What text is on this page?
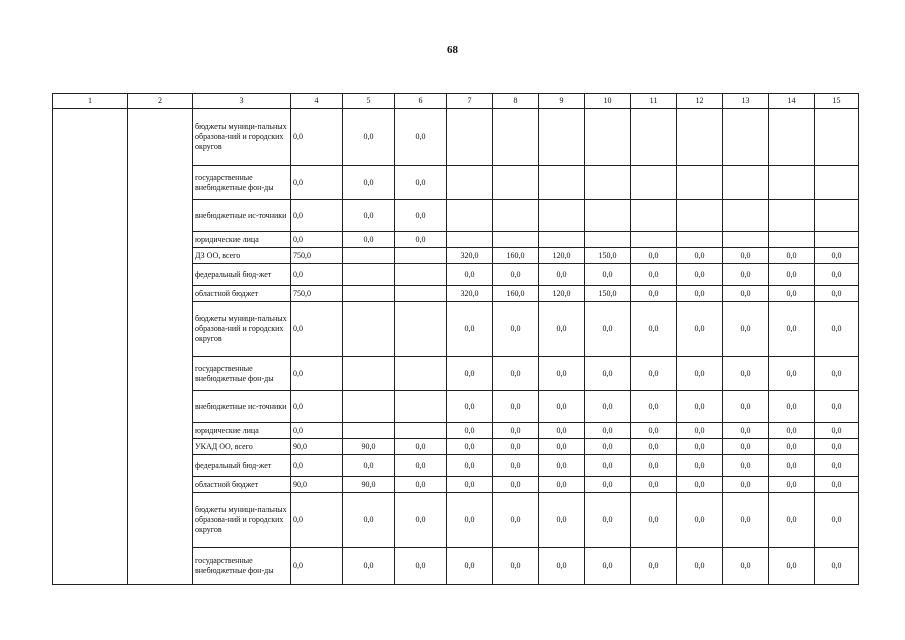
68
1	2	3	4	5	6	7	8	9	10	11	12	13	14	15
		бюджеты муници-пальных образова-ний и городских округов	0,0	0,0	0,0									
		государственные внебюджетные фон-ды	0,0	0,0	0,0									
		внебюджетные ис-точники	0,0	0,0	0,0									
		юридические лица	0,0	0,0	0,0									
		ДЗ ОО, всего	750,0			320,0	160,0	120,0	150,0	0,0	0,0	0,0	0,0	0,0
		федеральный бюд-жет	0,0			0,0	0,0	0,0	0,0	0,0	0,0	0,0	0,0	0,0
		областной бюджет	750,0			320,0	160,0	120,0	150,0	0,0	0,0	0,0	0,0	0,0
		бюджеты муници-пальных образова-ний и городских округов	0,0			0,0	0,0	0,0	0,0	0,0	0,0	0,0	0,0	0,0
		государственные внебюджетные фон-ды	0,0			0,0	0,0	0,0	0,0	0,0	0,0	0,0	0,0	0,0
		внебюджетные ис-точники	0,0			0,0	0,0	0,0	0,0	0,0	0,0	0,0	0,0	0,0
		юридические лица	0,0			0,0	0,0	0,0	0,0	0,0	0,0	0,0	0,0	0,0
		УКАД ОО, всего	90,0	90,0	0,0	0,0	0,0	0,0	0,0	0,0	0,0	0,0	0,0	0,0
		федеральный бюд-жет	0,0	0,0	0,0	0,0	0,0	0,0	0,0	0,0	0,0	0,0	0,0	0,0
		областной бюджет	90,0	90,0	0,0	0,0	0,0	0,0	0,0	0,0	0,0	0,0	0,0	0,0
		бюджеты муници-пальных образова-ний и городских округов	0,0	0,0	0,0	0,0	0,0	0,0	0,0	0,0	0,0	0,0	0,0	0,0
		государственные внебюджетные фон-ды	0,0	0,0	0,0	0,0	0,0	0,0	0,0	0,0	0,0	0,0	0,0	0,0
